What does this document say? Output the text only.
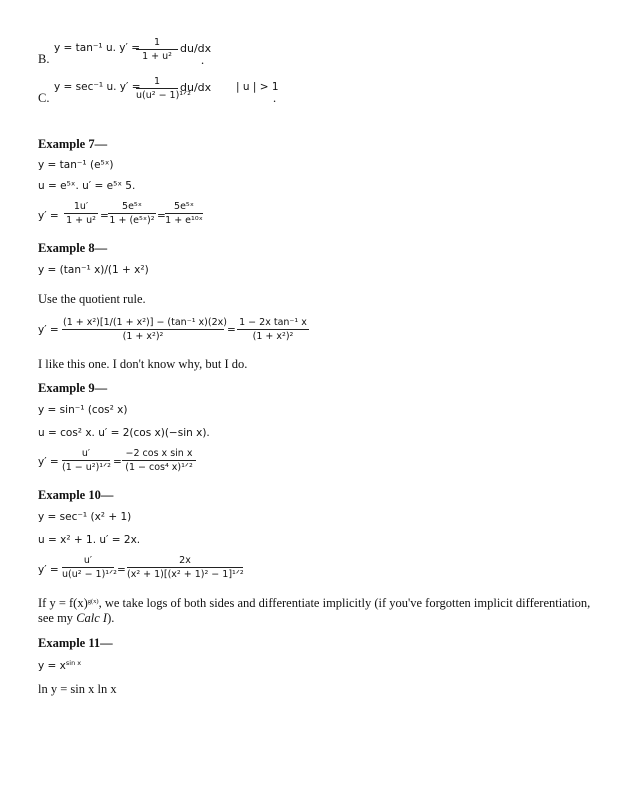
y = tan⁻¹ u. y′ =	1
1 + u²
du/dx
B.	.
y = sec⁻¹ u. y′ =	1
u(u² − 1)¹ᐟ²
du/dx | u | > 1
C.	.
Example 7—
y = tan⁻¹ (e⁵ˣ)
u = e⁵ˣ. u′ = e⁵ˣ 5.
y′ =
1u′
1 + u² =
5e⁵ˣ
1 + (e⁵ˣ)² =
5e⁵ˣ
1 + e¹⁰ˣ
Example 8—
y = (tan⁻¹ x)/(1 + x²)
Use the quotient rule.
y′ =
(1 + x²)[1/(1 + x²)] − (tan⁻¹ x)(2x)
(1 + x²)²
=
1 − 2x tan⁻¹ x
(1 + x²)²
I like this one. I don't know why, but I do.
Example 9—
y = sin⁻¹ (cos² x)
u = cos² x. u′ = 2(cos x)(−sin x).
y′ =
u′
(1 − u²)¹ᐟ² =
−2 cos x sin x
(1 − cos⁴ x)¹ᐟ²
Example 10—
y = sec⁻¹ (x² + 1)
u = x² + 1. u′ = 2x.
y′ =
u′
u(u² − 1)¹ᐟ² =
2x
(x² + 1)[(x² + 1)² − 1]¹ᐟ²
If $y = f(x)^{g(x)}$, we take logs of both sides and differentiate implicitly (if you've forgotten implicit differentiation,
see my Calc I).
Example 11—
$y = x^{sin x}$
ln y = sin x ln x
